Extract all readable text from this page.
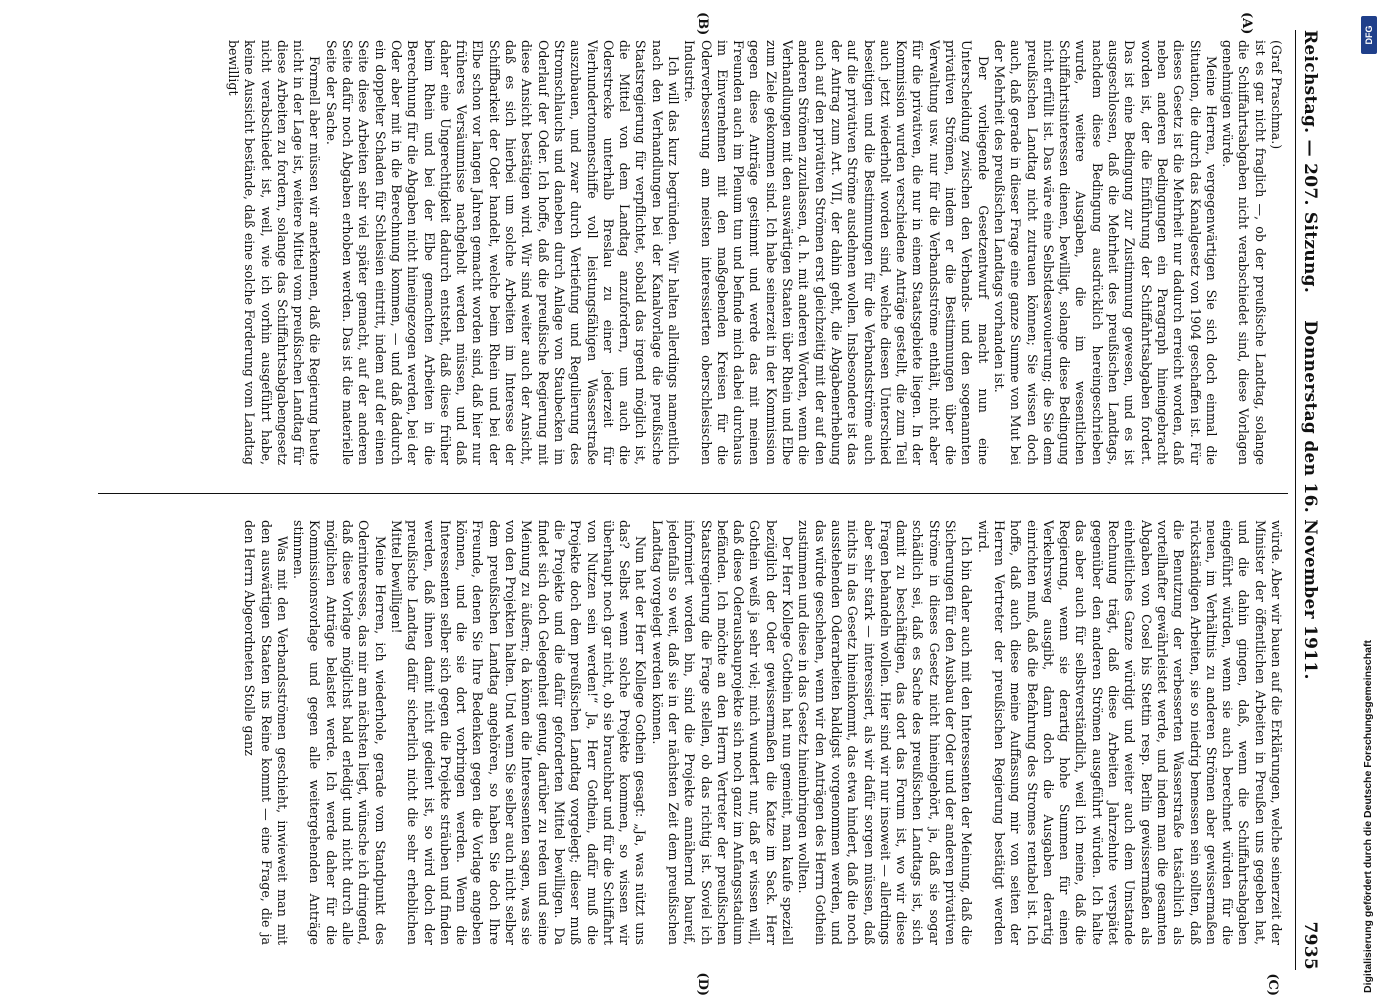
Reichstag. — 207. Sitzung.
Donnerstag den 16. November 1911.
7935
(A)
(B)
(C)
(D)

(Graf Praschma.)

ist es gar nicht fraglich —, ob der preußische Landtag, solange die Schiffahrtsabgaben nicht verabschiedet sind, diese Vorlagen genehmigen würde.

Meine Herren, vergegenwärtigen Sie sich doch einmal die Situation, die durch das Kanalgesetz von 1904 geschaffen ist. Für dieses Gesetz ist die Mehrheit nur dadurch erreicht worden, daß neben anderen Bedingungen ein Paragraph hineingebracht worden ist, der die Einführung der Schiffahrtsabgaben fordert. Das ist eine Bedingung zur Zustimmung gewesen, und es ist ausgeschlossen, daß die Mehrheit des preußischen Landtags, nachdem diese Bedingung ausdrücklich hereingeschrieben wurde, weitere Ausgaben, die im wesentlichen Schiffahrtsinteressen dienen, bewilligt, solange diese Bedingung nicht erfüllt ist. Das wäre eine Selbstdesavouierung; die Sie dem preußischen Landtag nicht zutrauen können; Sie wissen doch auch, daß gerade in dieser Frage eine ganze Summe von Mut bei der Mehrheit des preußischen Landtags vorhanden ist.

Der vorliegende Gesetzentwurf macht nun eine Unterscheidung zwischen den Verbands- und den sogenannten privativen Strömen, indem er die Bestimmungen über die Verwaltung usw. nur für die Verbandsströme enthält, nicht aber für die privativen, die nur in einem Staatsgebiete liegen. In der Kommission wurden verschiedene Anträge gestellt, die zum Teil auch jetzt wiederholt worden sind, welche diesen Unterschied beseitigen und die Bestimmungen für die Verbandsströme auch auf die privativen Ströme ausdehnen wollen. Insbesondere ist das der Antrag zum Art. VII, der dahin geht, die Abgabenerhebung auch auf den privativen Strömen erst gleichzeitig mit der auf den anderen Strömen zuzulassen, d. h. mit anderen Worten, wenn die Verhandlungen mit den auswärtigen Staaten über Rhein und Elbe zum Ziele gekommen sind. Ich habe seinerzeit in der Kommission gegen diese Anträge gestimmt und werde das mit meinen Freunden auch im Plenum tun und befinde mich dabei durchaus im Einvernehmen mit den maßgebenden Kreisen für die Oderverbesserung am meisten interessierten oberschlesischen Industrie.

Ich will das kurz begründen. Wir halten allerdings namentlich nach den Verhandlungen bei der Kanalvorlage die preußische Staatsregierung für verpflichtet, sobald das irgend möglich ist, die Mittel von dem Landtag anzufordern, um auch die Oderstrecke unterhalb Breslau zu einer jederzeit für Vierhundertonnenschiffe voll leistungsfähigen Wasserstraße auszubauen, und zwar durch Vertiefung und Regulierung des Stromschlauchs und daneben durch Anlage von Staubecken im Oderlauf der Oder. Ich hoffe, daß die preußische Regierung mit diese Ansicht bestätigen wird. Wir sind weiter auch der Ansicht, daß es sich hierbei um solche Arbeiten im Interesse der Schiffbarkeit der Oder handelt, welche beim Rhein und bei der Elbe schon vor langen Jahren gemacht worden sind, daß hier nur früheres Versäumnisse nachgeholt werden müssen, und daß daher eine Ungerechtigkeit dadurch entsteht, daß diese früher beim Rhein und bei der Elbe gemachten Arbeiten in die Berechnung für die Abgaben nicht hineingezogen werden, bei der Oder aber mit in die Berechnung kommen, — und daß dadurch ein doppelter Schaden für Schlesien eintritt, indem auf der einen Seite diese Arbeiten sehr viel später gemacht, auf der anderen Seite dafür noch Abgaben erhoben werden. Das ist die materielle Seite der Sache.

Formell aber müssen wir anerkennen, daß die Regierung heute nicht in der Lage ist, weitere Mittel vom preußischen Landtag für diese Arbeiten zu fordern, solange das Schiffahrtsabgabengesetz nicht verabschiedet ist, weil, wie ich vorhin ausgeführt habe, keine Aussicht bestände, daß eine solche Forderung vom Landtag bewilligt

würde. Aber wir bauen auf die Erklärungen, welche seinerzeit der Minister der öffentlichen Arbeiten in Preußen uns gegeben hat, und die dahin gingen, daß, wenn die Schiffahrtsabgaben eingeführt würden, wenn sie auch berechnet würden für die neuen, im Verhältnis zu anderen Strömen aber gewissermaßen rückständigen Arbeiten, sie so niedrig bemessen sein sollten, daß die Benutzung der verbesserten Wasserstraße tatsächlich als vorteilhafter gewährleistet werde, und indem man die gesamten Abgaben von Cosel bis Stettin resp. Berlin gewissermaßen als einheitliches Ganze würdigt und weiter auch dem Umstande Rechnung trägt, daß diese Arbeiten Jahrzehnte verspätet gegenüber den anderen Strömen ausgeführt würden. Ich halte das aber auch für selbstverständlich, weil ich meine, daß die Regierung, wenn sie derartig hohe Summen für einen Verkehrsweg ausgibt, dann doch die Ausgaben derartig einrichten muß, daß die Befahrung des Stromes rentabel ist. Ich hoffe, daß auch diese meine Auffassung mir von seiten der Herren Vertreter der preußischen Regierung bestätigt werden wird.

Ich bin daher auch mit den Interessenten der Meinung, daß die Sicherungen für den Ausbau der Oder und der anderen privativen Ströme in dieses Gesetz nicht hineingehört, ja, daß sie sogar schädlich sei, daß es Sache des preußischen Landtags ist, sich damit zu beschäftigen, das dort das Forum ist, wo wir diese Fragen behandeln wollen. Hier sind wir nur insoweit — allerdings aber sehr stark — interessiert, als wir dafür sorgen müssen, daß nichts in das Gesetz hineinkommt, das etwa hindert, daß die noch ausstehenden Oderarbeiten baldigst vorgenommen werden, und das würde geschehen, wenn wir den Anträgen des Herrn Gothein zustimmen und diese in das Gesetz hineinbringen wollten.

Der Herr Kollege Gothein hat nun gemeint, man kaufe speziell bezüglich der Oder gewissermaßen die Katze im Sack. Herr Gothein weiß ja sehr viel; mich wundert nur, daß er wissen will, daß diese Oderausbauprojekte sich noch ganz im Anfangsstadium befänden. Ich möchte an den Herrn Vertreter der preußischen Staatsregierung die Frage stellen, ob das richtig ist. Soviel ich informiert worden bin, sind die Projekte annähernd baureif, jedenfalls so weit, daß sie in der nächsten Zeit dem preußischen Landtag vorgelegt werden können.

Nun hat der Herr Kollege Gothein gesagt: „Ja, was nützt uns das? Selbst wenn solche Projekte kommen, so wissen wir überhaupt noch gar nicht, ob sie brauchbar und für die Schiffahrt von Nutzen sein werden!“ Ja, Herr Gothein, dafür muß die Projekte doch dem preußischen Landtag vorgelegt; dieser muß die Projekte und die dafür geforderten Mittel bewilligen. Da findet sich doch Gelegenheit genug, darüber zu reden und seine Meinung zu äußern; da können die Interessenten sagen, was sie von den Projekten halten. Und wenn Sie selber auch nicht selber dem preußischen Landtag angehören, so haben Sie doch Ihre Freunde, denen Sie Ihre Bedenken gegen die Vorlage angeben können, und die sie dort vorbringen werden. Wenn die Interessenten selber sich gegen die Projekte sträuben und finden werden, daß ihnen damit nicht gedient ist, so wird doch der preußische Landtag dafür sicherlich nicht die sehr erheblichen Mittel bewilligen!

Meine Herren, ich wiederhole, gerade vom Standpunkt des Oderinteresses, das mir am nächsten liegt, wünsche ich dringend, daß diese Vorlage möglichst bald erledigt und nicht durch alle möglichen Anträge belastet werde. Ich werde daher für die Kommissionsvorlage und gegen alle weitergehenden Anträge stimmen.

Was mit den Verbandsströmen geschieht, inwieweit man mit den auswärtigen Staaten ins Reine kommt — eine Frage, die ja den Herrn Abgeordneten Stolle ganz

DFG
Digitalisierung gefördert durch die Deutsche Forschungsgemeinschaft
